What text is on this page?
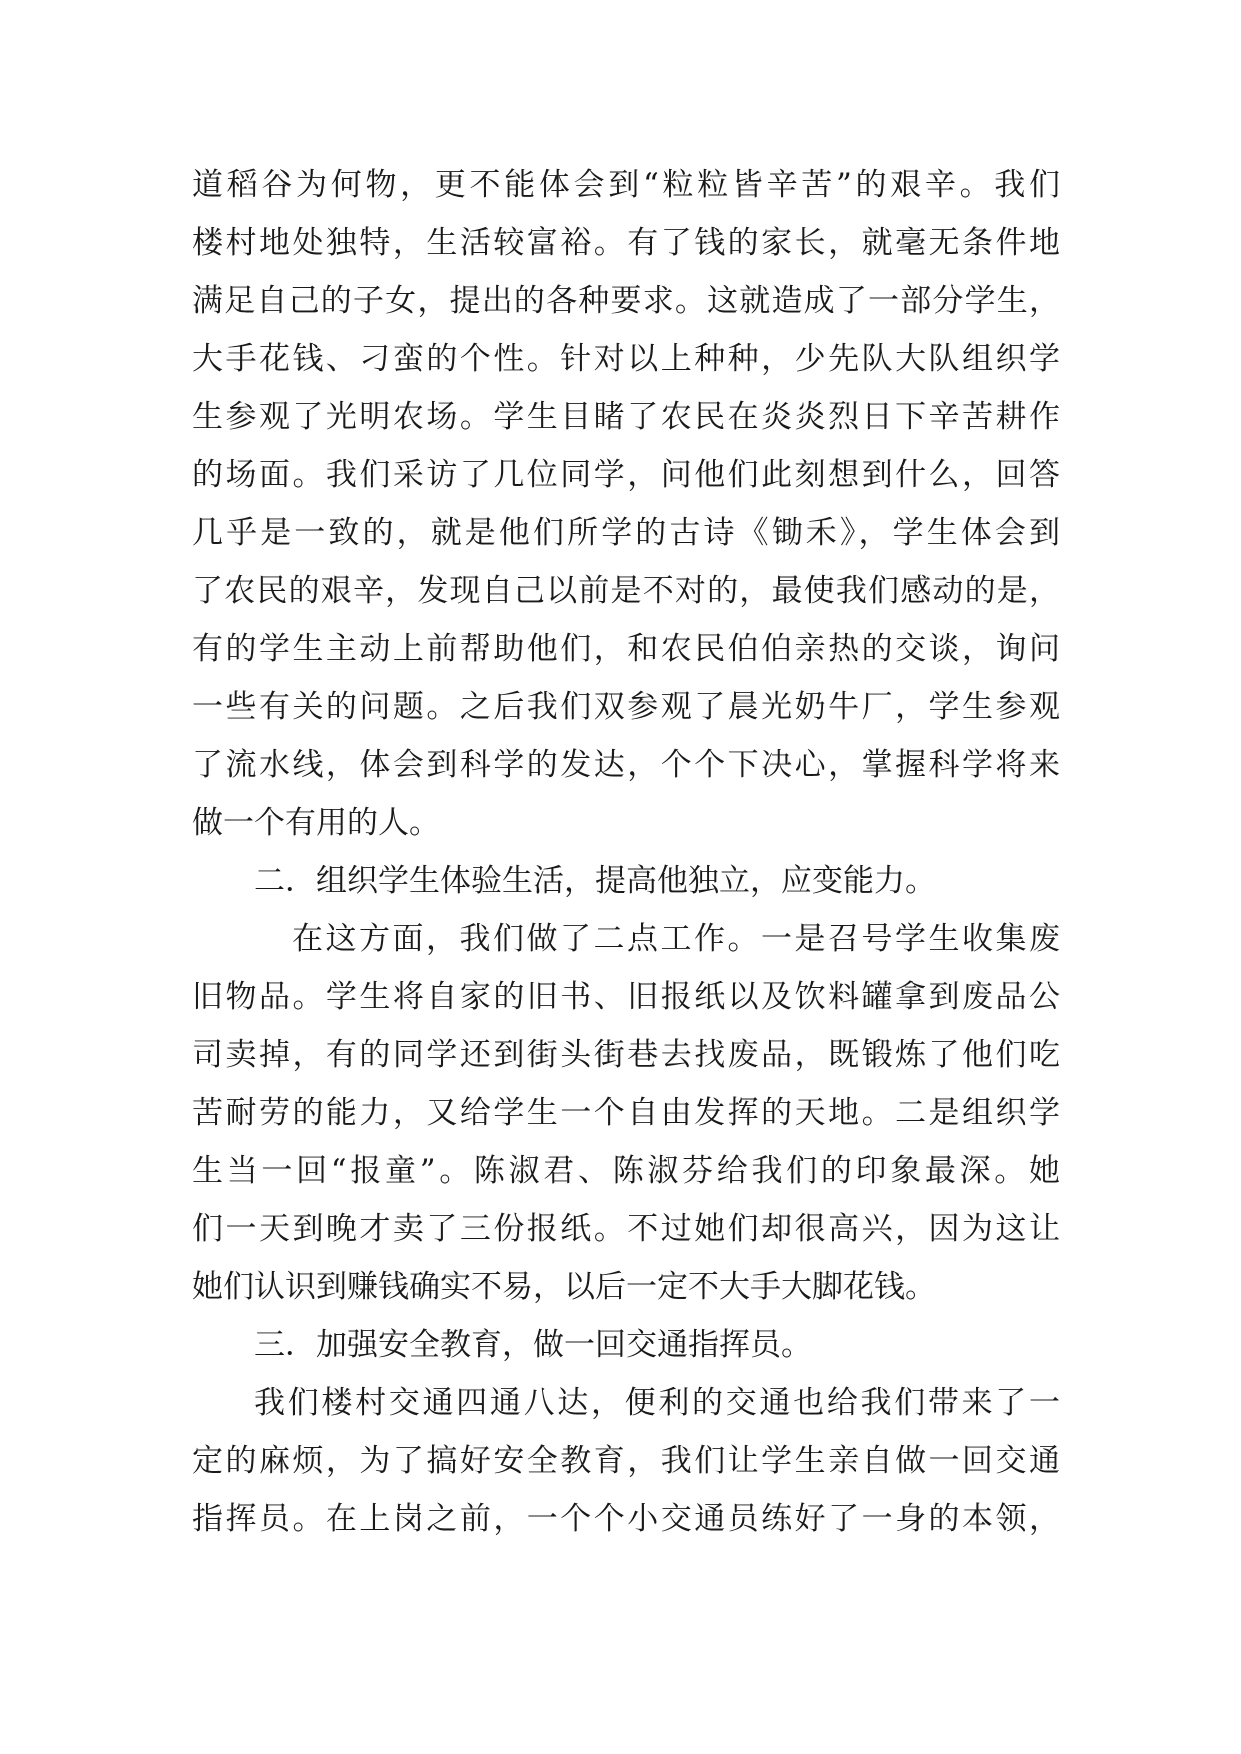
道稻谷为何物，更不能体会到“粒粒皆辛苦”的艰辛。我们
楼村地处独特，生活较富裕。有了钱的家长，就毫无条件地
满足自己的子女，提出的各种要求。这就造成了一部分学生，
大手花钱、刁蛮的个性。针对以上种种，少先队大队组织学
生参观了光明农场。学生目睹了农民在炎炎烈日下辛苦耕作
的场面。我们采访了几位同学，问他们此刻想到什么，回答
几乎是一致的，就是他们所学的古诗《锄禾》，学生体会到
了农民的艰辛，发现自己以前是不对的，最使我们感动的是，
有的学生主动上前帮助他们，和农民伯伯亲热的交谈，询问
一些有关的问题。之后我们双参观了晨光奶牛厂，学生参观
了流水线，体会到科学的发达，个个下决心，掌握科学将来
做一个有用的人。
二．组织学生体验生活，提高他独立，应变能力。
在这方面，我们做了二点工作。一是召号学生收集废
旧物品。学生将自家的旧书、旧报纸以及饮料罐拿到废品公
司卖掉，有的同学还到街头街巷去找废品，既锻炼了他们吃
苦耐劳的能力，又给学生一个自由发挥的天地。二是组织学
生当一回“报童”。陈淑君、陈淑芬给我们的印象最深。她
们一天到晚才卖了三份报纸。不过她们却很高兴，因为这让
她们认识到赚钱确实不易，以后一定不大手大脚花钱。
三．加强安全教育，做一回交通指挥员。
我们楼村交通四通八达，便利的交通也给我们带来了一
定的麻烦，为了搞好安全教育，我们让学生亲自做一回交通
指挥员。在上岗之前，一个个小交通员练好了一身的本领，
